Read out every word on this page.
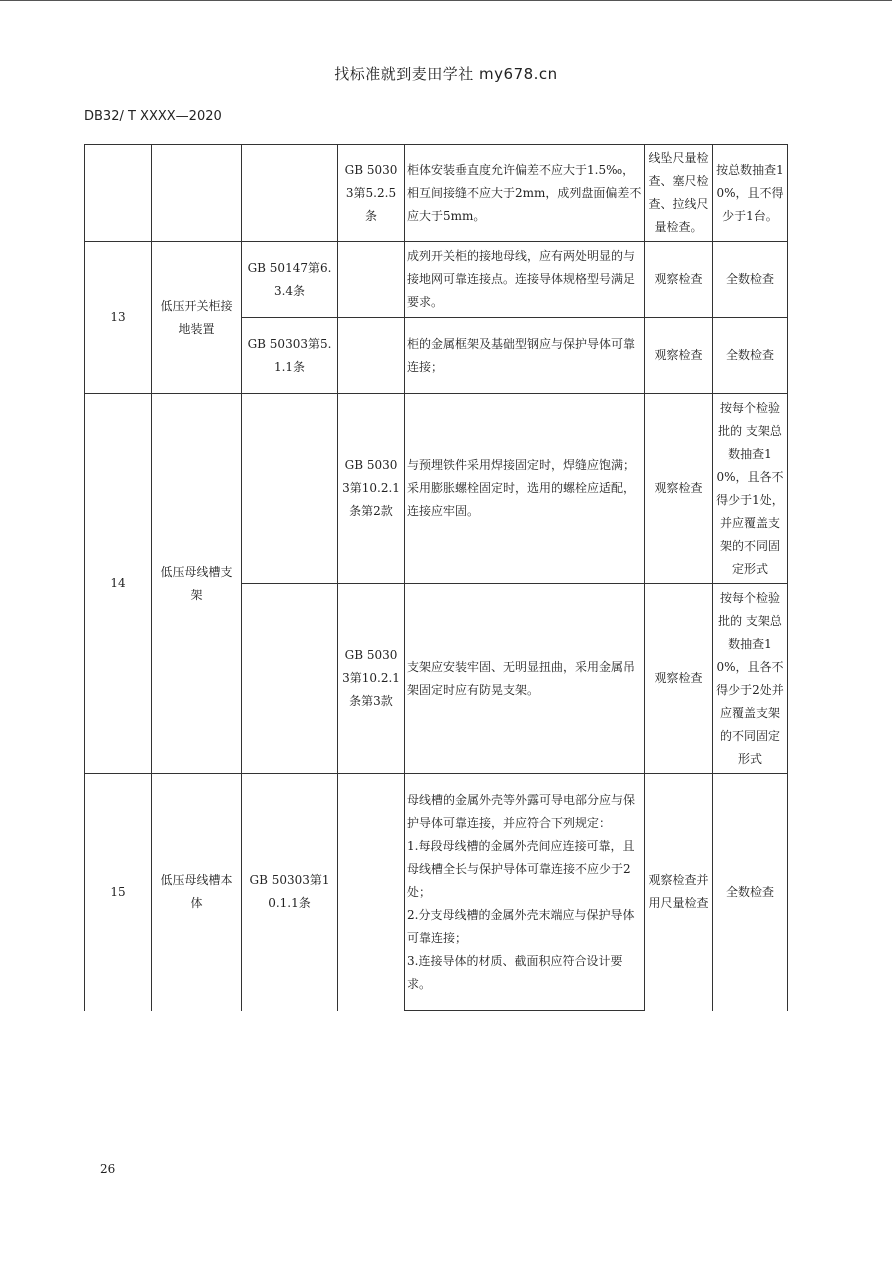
找标准就到麦田学社 my678.cn
DB32/ T XXXX—2020
			GB 50303第5.2.5条	柜体安装垂直度允许偏差不应大于1.5‰，相互间接缝不应大于2mm，成列盘面偏差不应大于5mm。	线坠尺量检查、塞尺检查、拉线尺量检查。	按总数抽查10%，且不得少于1台。
13	低压开关柜接地装置	GB 50147第6.3.4条		成列开关柜的接地母线，应有两处明显的与接地网可靠连接点。连接导体规格型号满足要求。	观察检查	全数检查
		GB 50303第5.1.1条		柜的金属框架及基础型钢应与保护导体可靠连接；	观察检查	全数检查
14	低压母线槽支架		GB 50303第10.2.1条第2款	与预埋铁件采用焊接固定时，焊缝应饱满；采用膨胀螺栓固定时，选用的螺栓应适配，连接应牢固。	观察检查	按每个检验批的 支架总数抽查10%，且各不得少于1处，并应覆盖支架的不同固定形式
			GB 50303第10.2.1条第3款	支架应安装牢固、无明显扭曲，采用金属吊架固定时应有防晃支架。	观察检查	按每个检验批的 支架总数抽查10%，且各不得少于2处并应覆盖支架的不同固定形式
15	低压母线槽本体	GB 50303第10.1.1条		母线槽的金属外壳等外露可导电部分应与保护导体可靠连接，并应符合下列规定：
1.每段母线槽的金属外壳间应连接可靠，且母线槽全长与保护导体可靠连接不应少于2处；
2.分支母线槽的金属外壳末端应与保护导体可靠连接；
3.连接导体的材质、截面积应符合设计要求。	观察检查并用尺量检查	全数检查
26
